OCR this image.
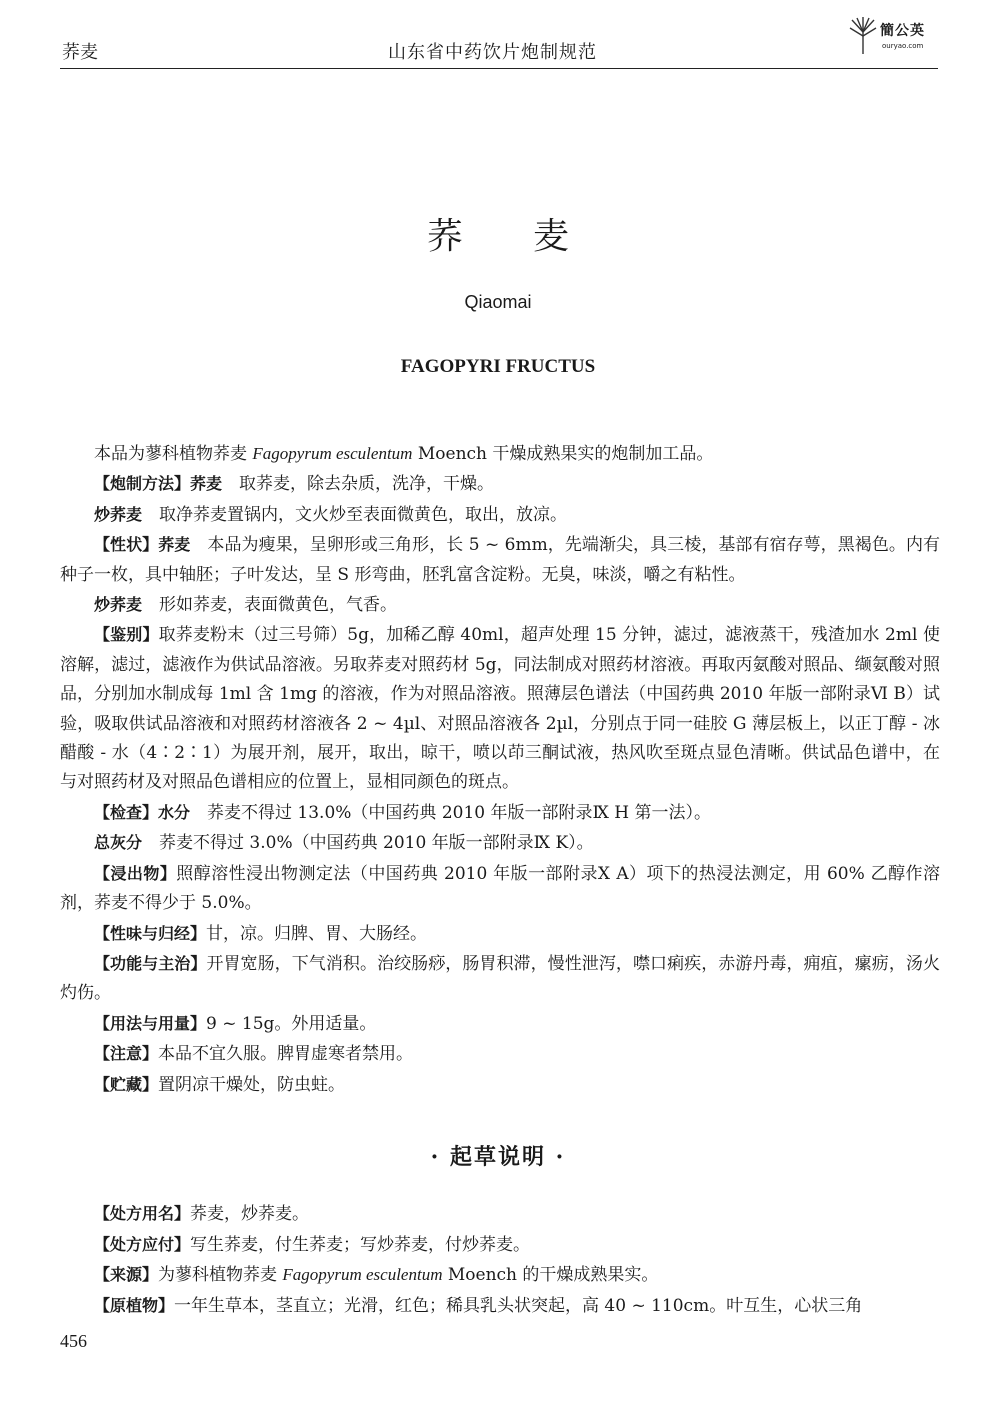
荞麦	山东省中药饮片炮制规范
簡公英
ouryao.com
荞麦
Qiaomai
FAGOPYRI FRUCTUS

本品为蓼科植物荞麦 Fagopyrum esculentum Moench 干燥成熟果实的炮制加工品。

【炮制方法】荞麦　 取荞麦，除去杂质，洗净，干燥。

炒荞麦　 取净荞麦置锅内，文火炒至表面微黄色，取出，放凉。

【性状】荞麦　 本品为瘦果，呈卵形或三角形，长 5 ~ 6mm，先端渐尖，具三棱，基部有宿存萼，黑褐色。内有种子一枚，具中轴胚；子叶发达，呈 S 形弯曲，胚乳富含淀粉。无臭，味淡，嚼之有粘性。

炒荞麦　 形如荞麦，表面微黄色，气香。

【鉴别】取荞麦粉末（过三号筛）5g，加稀乙醇 40ml，超声处理 15 分钟，滤过，滤液蒸干，残渣加水 2ml 使溶解，滤过，滤液作为供试品溶液。另取荞麦对照药材 5g，同法制成对照药材溶液。再取丙氨酸对照品、缬氨酸对照品，分别加水制成每 1ml 含 1mg 的溶液，作为对照品溶液。照薄层色谱法（中国药典 2010 年版一部附录Ⅵ B）试验，吸取供试品溶液和对照药材溶液各 2 ~ 4µl、对照品溶液各 2µl，分别点于同一硅胶 G 薄层板上，以正丁醇 - 冰醋酸 - 水（4∶2∶1）为展开剂，展开，取出，晾干，喷以茚三酮试液，热风吹至斑点显色清晰。供试品色谱中，在与对照药材及对照品色谱相应的位置上，显相同颜色的斑点。

【检查】水分　 荞麦不得过 13.0%（中国药典 2010 年版一部附录Ⅸ H 第一法）。

总灰分　 荞麦不得过 3.0%（中国药典 2010 年版一部附录Ⅸ K）。

【浸出物】照醇溶性浸出物测定法（中国药典 2010 年版一部附录Ⅹ A）项下的热浸法测定，用 60% 乙醇作溶剂，荞麦不得少于 5.0%。

【性味与归经】甘，凉。归脾、胃、大肠经。

【功能与主治】开胃宽肠，下气消积。治绞肠痧，肠胃积滞，慢性泄泻，噤口痢疾，赤游丹毒，痈疽，瘰疬，汤火灼伤。

【用法与用量】9 ~ 15g。外用适量。

【注意】本品不宜久服。脾胃虚寒者禁用。

【贮藏】置阴凉干燥处，防虫蛀。

· 起草说明 ·

【处方用名】荞麦，炒荞麦。

【处方应付】写生荞麦，付生荞麦；写炒荞麦，付炒荞麦。

【来源】为蓼科植物荞麦 Fagopyrum esculentum Moench 的干燥成熟果实。

【原植物】一年生草本，茎直立；光滑，红色；稀具乳头状突起，高 40 ~ 110cm。叶互生，心状三角

456
